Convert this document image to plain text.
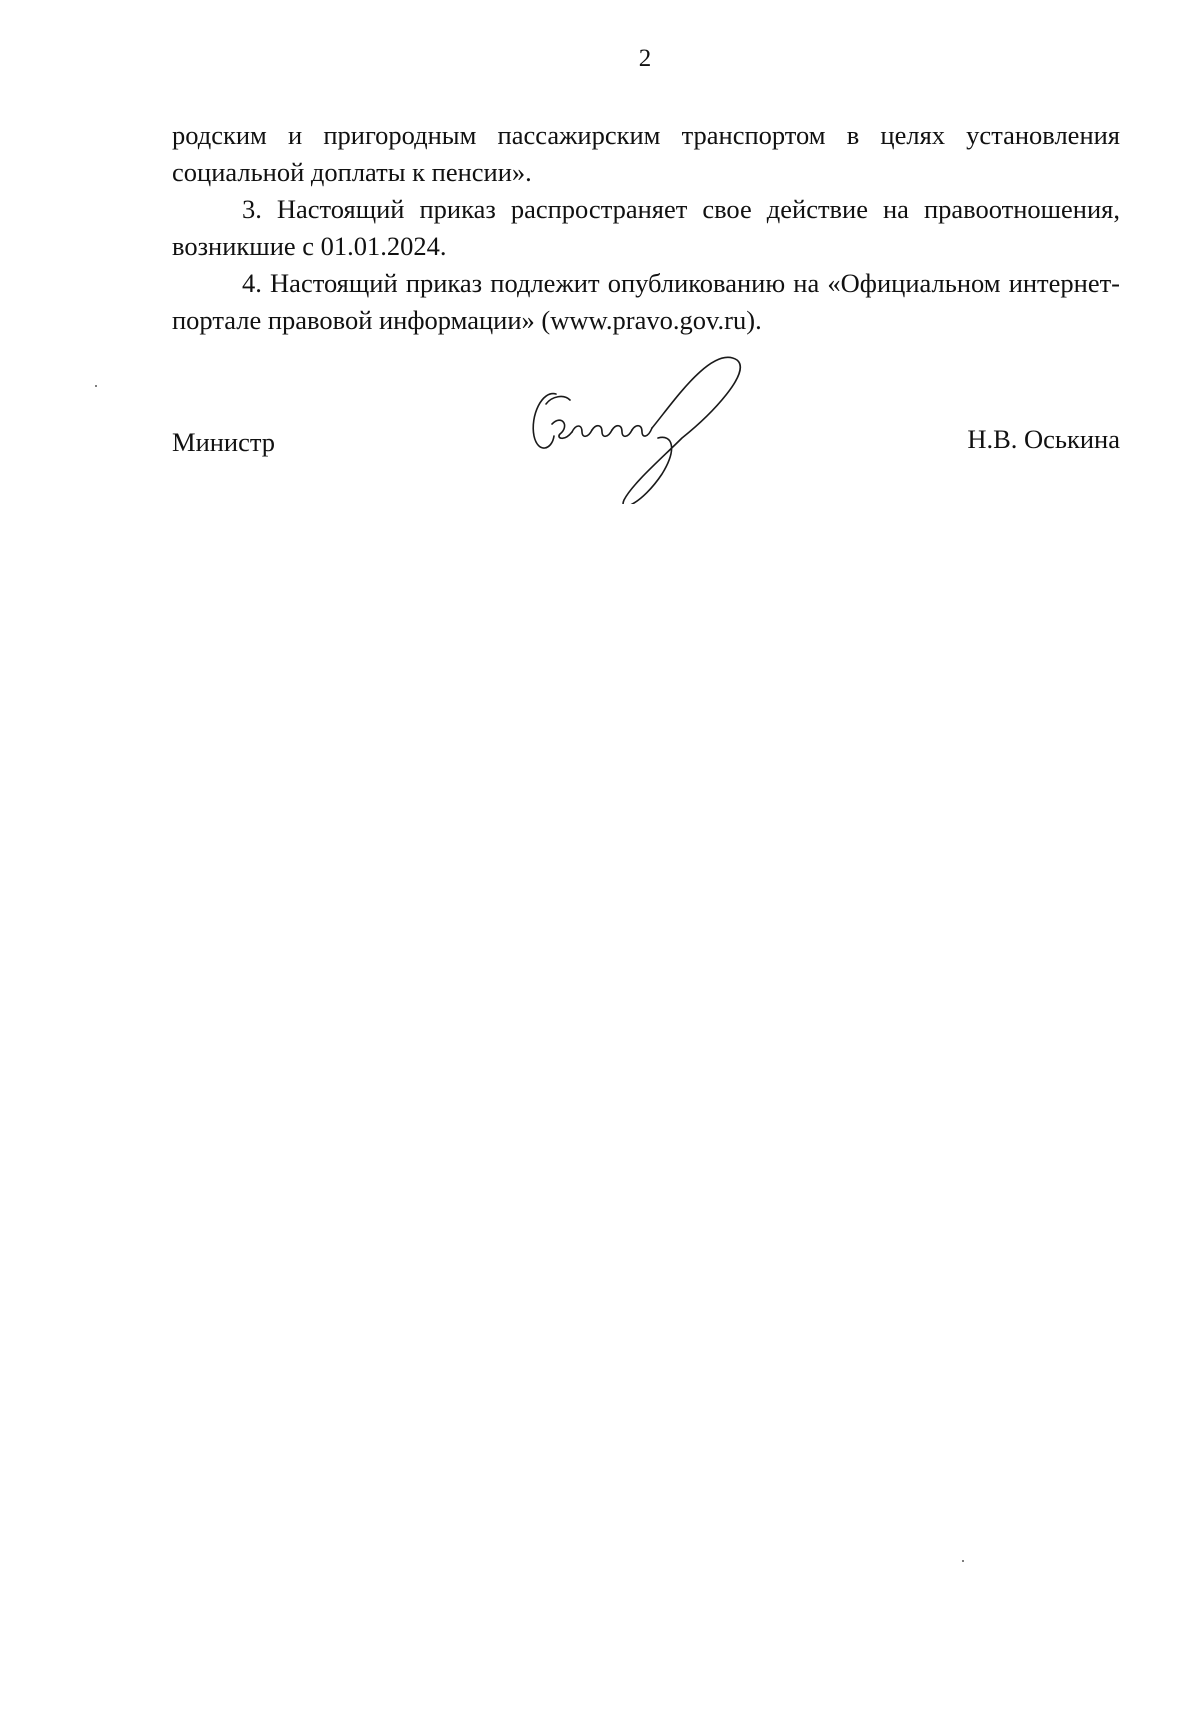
2

родским и пригородным пассажирским транспортом в целях установления социальной доплаты к пенсии».

3. Настоящий приказ распространяет свое действие на правоотношения, возникшие с 01.01.2024.

4. Настоящий приказ подлежит опубликованию на «Официальном интернет-портале правовой информации» (www.pravo.gov.ru).

Министр	Н.В. Оськина
